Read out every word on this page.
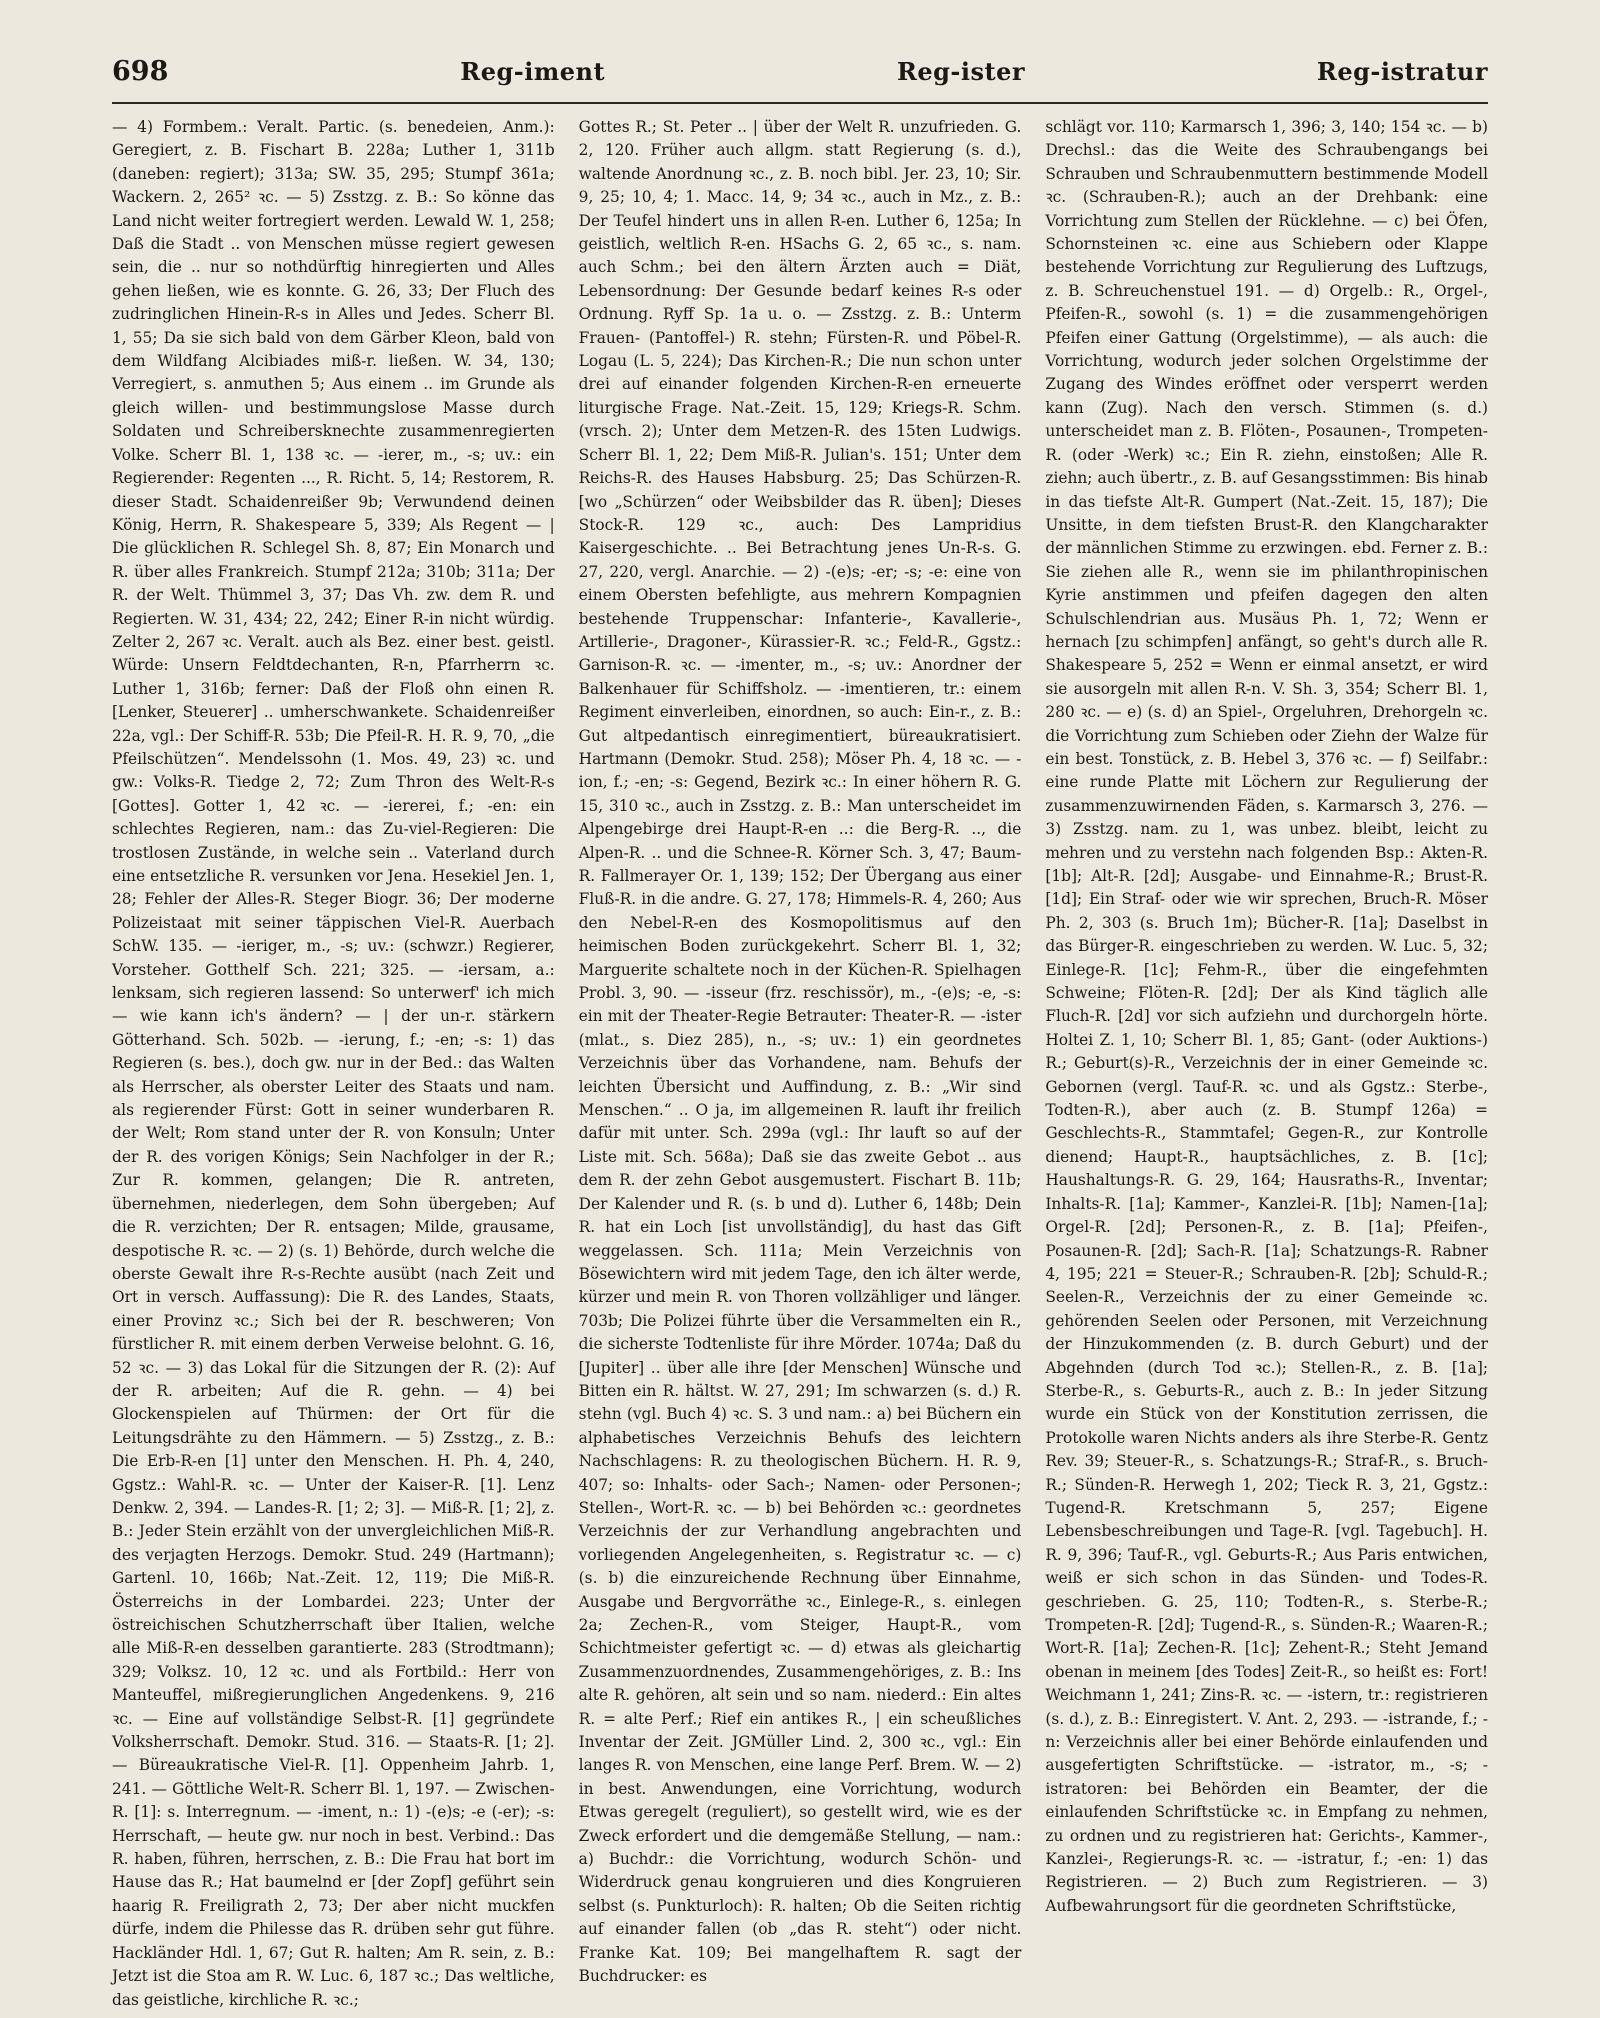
698	Reg-iment	Reg-ister	Reg-istratur

— 4) Formbem.: Veralt. Partic. (s. benedeien, Anm.): Geregiert, z. B. Fischart B. 228a; Luther 1, 311b (daneben: regiert); 313a; SW. 35, 295; Stumpf 361a; Wackern. 2, 265² ꝛc. — 5) Zsstzg. z. B.: So könne das Land nicht weiter fortregiert werden. Lewald W. 1, 258; Daß die Stadt .. von Menschen müsse regiert gewesen sein, die .. nur so nothdürftig hinregierten und Alles gehen ließen, wie es konnte. G. 26, 33; Der Fluch des zudringlichen Hinein-R-s in Alles und Jedes. Scherr Bl. 1, 55; Da sie sich bald von dem Gärber Kleon, bald von dem Wildfang Alcibiades miß-r. ließen. W. 34, 130; Verregiert, s. anmuthen 5; Aus einem .. im Grunde als gleich willen- und bestimmungslose Masse durch Soldaten und Schreibersknechte zusammenregierten Volke. Scherr Bl. 1, 138 ꝛc. — -ierer, m., -s; uv.: ein Regierender: Regenten ..., R. Richt. 5, 14; Restorem, R. dieser Stadt. Schaidenreißer 9b; Verwundend deinen König, Herrn, R. Shakespeare 5, 339; Als Regent — | Die glücklichen R. Schlegel Sh. 8, 87; Ein Monarch und R. über alles Frankreich. Stumpf 212a; 310b; 311a; Der R. der Welt. Thümmel 3, 37; Das Vh. zw. dem R. und Regierten. W. 31, 434; 22, 242; Einer R-in nicht würdig. Zelter 2, 267 ꝛc. Veralt. auch als Bez. einer best. geistl. Würde: Unsern Feldtdechanten, R-n, Pfarrherrn ꝛc. Luther 1, 316b; ferner: Daß der Floß ohn einen R. [Lenker, Steuerer] .. umherschwankete. Schaidenreißer 22a, vgl.: Der Schiff-R. 53b; Die Pfeil-R. H. R. 9, 70, „die Pfeilschützen“. Mendelssohn (1. Mos. 49, 23) ꝛc. und gw.: Volks-R. Tiedge 2, 72; Zum Thron des Welt-R-s [Gottes]. Gotter 1, 42 ꝛc. — -iererei, f.; -en: ein schlechtes Regieren, nam.: das Zu-viel-Regieren: Die trostlosen Zustände, in welche sein .. Vaterland durch eine entsetzliche R. versunken vor Jena. Hesekiel Jen. 1, 28; Fehler der Alles-R. Steger Biogr. 36; Der moderne Polizeistaat mit seiner täppischen Viel-R. Auerbach SchW. 135. — -ieriger, m., -s; uv.: (schwzr.) Regierer, Vorsteher. Gotthelf Sch. 221; 325. — -iersam, a.: lenksam, sich regieren lassend: So unterwerf' ich mich — wie kann ich's ändern? — | der un-r. stärkern Götterhand. Sch. 502b. — -ierung, f.; -en; -s: 1) das Regieren (s. bes.), doch gw. nur in der Bed.: das Walten als Herrscher, als oberster Leiter des Staats und nam. als regierender Fürst: Gott in seiner wunderbaren R. der Welt; Rom stand unter der R. von Konsuln; Unter der R. des vorigen Königs; Sein Nachfolger in der R.; Zur R. kommen, gelangen; Die R. antreten, übernehmen, niederlegen, dem Sohn übergeben; Auf die R. verzichten; Der R. entsagen; Milde, grausame, despotische R. ꝛc. — 2) (s. 1) Behörde, durch welche die oberste Gewalt ihre R-s-Rechte ausübt (nach Zeit und Ort in versch. Auffassung): Die R. des Landes, Staats, einer Provinz ꝛc.; Sich bei der R. beschweren; Von fürstlicher R. mit einem derben Verweise belohnt. G. 16, 52 ꝛc. — 3) das Lokal für die Sitzungen der R. (2): Auf der R. arbeiten; Auf die R. gehn. — 4) bei Glockenspielen auf Thürmen: der Ort für die Leitungsdrähte zu den Hämmern. — 5) Zsstzg., z. B.: Die Erb-R-en [1] unter den Menschen. H. Ph. 4, 240, Ggstz.: Wahl-R. ꝛc. — Unter der Kaiser-R. [1]. Lenz Denkw. 2, 394. — Landes-R. [1; 2; 3]. — Miß-R. [1; 2], z. B.: Jeder Stein erzählt von der unvergleichlichen Miß-R. des verjagten Herzogs. Demokr. Stud. 249 (Hartmann); Gartenl. 10, 166b; Nat.-Zeit. 12, 119; Die Miß-R. Österreichs in der Lombardei. 223; Unter der östreichischen Schutzherrschaft über Italien, welche alle Miß-R-en desselben garantierte. 283 (Strodtmann); 329; Volksz. 10, 12 ꝛc. und als Fortbild.: Herr von Manteuffel, mißregierunglichen Angedenkens. 9, 216 ꝛc. — Eine auf vollständige Selbst-R. [1] gegründete Volksherrschaft. Demokr. Stud. 316. — Staats-R. [1; 2]. — Büreaukratische Viel-R. [1]. Oppenheim Jahrb. 1, 241. — Göttliche Welt-R. Scherr Bl. 1, 197. — Zwischen-R. [1]: s. Interregnum. — -iment, n.: 1) -(e)s; -e (-er); -s: Herrschaft, — heute gw. nur noch in best. Verbind.: Das R. haben, führen, herrschen, z. B.: Die Frau hat bort im Hause das R.; Hat baumelnd er [der Zopf] geführt sein haarig R. Freiligrath 2, 73; Der aber nicht muckfen dürfe, indem die Philesse das R. drüben sehr gut führe. Hackländer Hdl. 1, 67; Gut R. halten; Am R. sein, z. B.: Jetzt ist die Stoa am R. W. Luc. 6, 187 ꝛc.; Das weltliche, das geistliche, kirchliche R. ꝛc.;

Gottes R.; St. Peter .. | über der Welt R. unzufrieden. G. 2, 120. Früher auch allgm. statt Regierung (s. d.), waltende Anordnung ꝛc., z. B. noch bibl. Jer. 23, 10; Sir. 9, 25; 10, 4; 1. Macc. 14, 9; 34 ꝛc., auch in Mz., z. B.: Der Teufel hindert uns in allen R-en. Luther 6, 125a; In geistlich, weltlich R-en. HSachs G. 2, 65 ꝛc., s. nam. auch Schm.; bei den ältern Ärzten auch = Diät, Lebensordnung: Der Gesunde bedarf keines R-s oder Ordnung. Ryff Sp. 1a u. o. — Zsstzg. z. B.: Unterm Frauen- (Pantoffel-) R. stehn; Fürsten-R. und Pöbel-R. Logau (L. 5, 224); Das Kirchen-R.; Die nun schon unter drei auf einander folgenden Kirchen-R-en erneuerte liturgische Frage. Nat.-Zeit. 15, 129; Kriegs-R. Schm. (vrsch. 2); Unter dem Metzen-R. des 15ten Ludwigs. Scherr Bl. 1, 22; Dem Miß-R. Julian's. 151; Unter dem Reichs-R. des Hauses Habsburg. 25; Das Schürzen-R. [wo „Schürzen“ oder Weibsbilder das R. üben]; Dieses Stock-R. 129 ꝛc., auch: Des Lampridius Kaisergeschichte. .. Bei Betrachtung jenes Un-R-s. G. 27, 220, vergl. Anarchie. — 2) -(e)s; -er; -s; -e: eine von einem Obersten befehligte, aus mehrern Kompagnien bestehende Truppenschar: Infanterie-, Kavallerie-, Artillerie-, Dragoner-, Kürassier-R. ꝛc.; Feld-R., Ggstz.: Garnison-R. ꝛc. — -imenter, m., -s; uv.: Anordner der Balkenhauer für Schiffsholz. — -imentieren, tr.: einem Regiment einverleiben, einordnen, so auch: Ein-r., z. B.: Gut altpedantisch einregimentiert, büreaukratisiert. Hartmann (Demokr. Stud. 258); Möser Ph. 4, 18 ꝛc. — -ion, f.; -en; -s: Gegend, Bezirk ꝛc.: In einer höhern R. G. 15, 310 ꝛc., auch in Zsstzg. z. B.: Man unterscheidet im Alpengebirge drei Haupt-R-en ..: die Berg-R. .., die Alpen-R. .. und die Schnee-R. Körner Sch. 3, 47; Baum-R. Fallmerayer Or. 1, 139; 152; Der Übergang aus einer Fluß-R. in die andre. G. 27, 178; Himmels-R. 4, 260; Aus den Nebel-R-en des Kosmopolitismus auf den heimischen Boden zurückgekehrt. Scherr Bl. 1, 32; Marguerite schaltete noch in der Küchen-R. Spielhagen Probl. 3, 90. — -isseur (frz. reschissör), m., -(e)s; -e, -s: ein mit der Theater-Regie Betrauter: Theater-R. — -ister (mlat., s. Diez 285), n., -s; uv.: 1) ein geordnetes Verzeichnis über das Vorhandene, nam. Behufs der leichten Übersicht und Auffindung, z. B.: „Wir sind Menschen.“ .. O ja, im allgemeinen R. lauft ihr freilich dafür mit unter. Sch. 299a (vgl.: Ihr lauft so auf der Liste mit. Sch. 568a); Daß sie das zweite Gebot .. aus dem R. der zehn Gebot ausgemustert. Fischart B. 11b; Der Kalender und R. (s. b und d). Luther 6, 148b; Dein R. hat ein Loch [ist unvollständig], du hast das Gift weggelassen. Sch. 111a; Mein Verzeichnis von Bösewichtern wird mit jedem Tage, den ich älter werde, kürzer und mein R. von Thoren vollzähliger und länger. 703b; Die Polizei führte über die Versammelten ein R., die sicherste Todtenliste für ihre Mörder. 1074a; Daß du [Jupiter] .. über alle ihre [der Menschen] Wünsche und Bitten ein R. hältst. W. 27, 291; Im schwarzen (s. d.) R. stehn (vgl. Buch 4) ꝛc. S. 3 und nam.: a) bei Büchern ein alphabetisches Verzeichnis Behufs des leichtern Nachschlagens: R. zu theologischen Büchern. H. R. 9, 407; so: Inhalts- oder Sach-; Namen- oder Personen-; Stellen-, Wort-R. ꝛc. — b) bei Behörden ꝛc.: geordnetes Verzeichnis der zur Verhandlung angebrachten und vorliegenden Angelegenheiten, s. Registratur ꝛc. — c) (s. b) die einzureichende Rechnung über Einnahme, Ausgabe und Bergvorräthe ꝛc., Einlege-R., s. einlegen 2a; Zechen-R., vom Steiger, Haupt-R., vom Schichtmeister gefertigt ꝛc. — d) etwas als gleichartig Zusammenzuordnendes, Zusammengehöriges, z. B.: Ins alte R. gehören, alt sein und so nam. niederd.: Ein altes R. = alte Perf.; Rief ein antikes R., | ein scheußliches Inventar der Zeit. JGMüller Lind. 2, 300 ꝛc., vgl.: Ein langes R. von Menschen, eine lange Perf. Brem. W. — 2) in best. Anwendungen, eine Vorrichtung, wodurch Etwas geregelt (reguliert), so gestellt wird, wie es der Zweck erfordert und die demgemäße Stellung, — nam.: a) Buchdr.: die Vorrichtung, wodurch Schön- und Widerdruck genau kongruieren und dies Kongruieren selbst (s. Punkturloch): R. halten; Ob die Seiten richtig auf einander fallen (ob „das R. steht“) oder nicht. Franke Kat. 109; Bei mangelhaftem R. sagt der Buchdrucker: es

schlägt vor. 110; Karmarsch 1, 396; 3, 140; 154 ꝛc. — b) Drechsl.: das die Weite des Schraubengangs bei Schrauben und Schraubenmuttern bestimmende Modell ꝛc. (Schrauben-R.); auch an der Drehbank: eine Vorrichtung zum Stellen der Rücklehne. — c) bei Öfen, Schornsteinen ꝛc. eine aus Schiebern oder Klappe bestehende Vorrichtung zur Regulierung des Luftzugs, z. B. Schreuchenstuel 191. — d) Orgelb.: R., Orgel-, Pfeifen-R., sowohl (s. 1) = die zusammengehörigen Pfeifen einer Gattung (Orgelstimme), — als auch: die Vorrichtung, wodurch jeder solchen Orgelstimme der Zugang des Windes eröffnet oder versperrt werden kann (Zug). Nach den versch. Stimmen (s. d.) unterscheidet man z. B. Flöten-, Posaunen-, Trompeten-R. (oder -Werk) ꝛc.; Ein R. ziehn, einstoßen; Alle R. ziehn; auch übertr., z. B. auf Gesangsstimmen: Bis hinab in das tiefste Alt-R. Gumpert (Nat.-Zeit. 15, 187); Die Unsitte, in dem tiefsten Brust-R. den Klangcharakter der männlichen Stimme zu erzwingen. ebd. Ferner z. B.: Sie ziehen alle R., wenn sie im philanthropinischen Kyrie anstimmen und pfeifen dagegen den alten Schulschlendrian aus. Musäus Ph. 1, 72; Wenn er hernach [zu schimpfen] anfängt, so geht's durch alle R. Shakespeare 5, 252 = Wenn er einmal ansetzt, er wird sie ausorgeln mit allen R-n. V. Sh. 3, 354; Scherr Bl. 1, 280 ꝛc. — e) (s. d) an Spiel-, Orgeluhren, Drehorgeln ꝛc. die Vorrichtung zum Schieben oder Ziehn der Walze für ein best. Tonstück, z. B. Hebel 3, 376 ꝛc. — f) Seilfabr.: eine runde Platte mit Löchern zur Regulierung der zusammenzuwirnenden Fäden, s. Karmarsch 3, 276. — 3) Zsstzg. nam. zu 1, was unbez. bleibt, leicht zu mehren und zu verstehn nach folgenden Bsp.: Akten-R. [1b]; Alt-R. [2d]; Ausgabe- und Einnahme-R.; Brust-R. [1d]; Ein Straf- oder wie wir sprechen, Bruch-R. Möser Ph. 2, 303 (s. Bruch 1m); Bücher-R. [1a]; Daselbst in das Bürger-R. eingeschrieben zu werden. W. Luc. 5, 32; Einlege-R. [1c]; Fehm-R., über die eingefehmten Schweine; Flöten-R. [2d]; Der als Kind täglich alle Fluch-R. [2d] vor sich aufziehn und durchorgeln hörte. Holtei Z. 1, 10; Scherr Bl. 1, 85; Gant- (oder Auktions-) R.; Geburt(s)-R., Verzeichnis der in einer Gemeinde ꝛc. Gebornen (vergl. Tauf-R. ꝛc. und als Ggstz.: Sterbe-, Todten-R.), aber auch (z. B. Stumpf 126a) = Geschlechts-R., Stammtafel; Gegen-R., zur Kontrolle dienend; Haupt-R., hauptsächliches, z. B. [1c]; Haushaltungs-R. G. 29, 164; Hausraths-R., Inventar; Inhalts-R. [1a]; Kammer-, Kanzlei-R. [1b]; Namen-[1a]; Orgel-R. [2d]; Personen-R., z. B. [1a]; Pfeifen-, Posaunen-R. [2d]; Sach-R. [1a]; Schatzungs-R. Rabner 4, 195; 221 = Steuer-R.; Schrauben-R. [2b]; Schuld-R.; Seelen-R., Verzeichnis der zu einer Gemeinde ꝛc. gehörenden Seelen oder Personen, mit Verzeichnung der Hinzukommenden (z. B. durch Geburt) und der Abgehnden (durch Tod ꝛc.); Stellen-R., z. B. [1a]; Sterbe-R., s. Geburts-R., auch z. B.: In jeder Sitzung wurde ein Stück von der Konstitution zerrissen, die Protokolle waren Nichts anders als ihre Sterbe-R. Gentz Rev. 39; Steuer-R., s. Schatzungs-R.; Straf-R., s. Bruch-R.; Sünden-R. Herwegh 1, 202; Tieck R. 3, 21, Ggstz.: Tugend-R. Kretschmann 5, 257; Eigene Lebensbeschreibungen und Tage-R. [vgl. Tagebuch]. H. R. 9, 396; Tauf-R., vgl. Geburts-R.; Aus Paris entwichen, weiß er sich schon in das Sünden- und Todes-R. geschrieben. G. 25, 110; Todten-R., s. Sterbe-R.; Trompeten-R. [2d]; Tugend-R., s. Sünden-R.; Waaren-R.; Wort-R. [1a]; Zechen-R. [1c]; Zehent-R.; Steht Jemand obenan in meinem [des Todes] Zeit-R., so heißt es: Fort! Weichmann 1, 241; Zins-R. ꝛc. — -istern, tr.: registrieren (s. d.), z. B.: Einregistert. V. Ant. 2, 293. — -istrande, f.; -n: Verzeichnis aller bei einer Behörde einlaufenden und ausgefertigten Schriftstücke. — -istrator, m., -s; -istratoren: bei Behörden ein Beamter, der die einlaufenden Schriftstücke ꝛc. in Empfang zu nehmen, zu ordnen und zu registrieren hat: Gerichts-, Kammer-, Kanzlei-, Regierungs-R. ꝛc. — -istratur, f.; -en: 1) das Registrieren. — 2) Buch zum Registrieren. — 3) Aufbewahrungsort für die geordneten Schriftstücke,
